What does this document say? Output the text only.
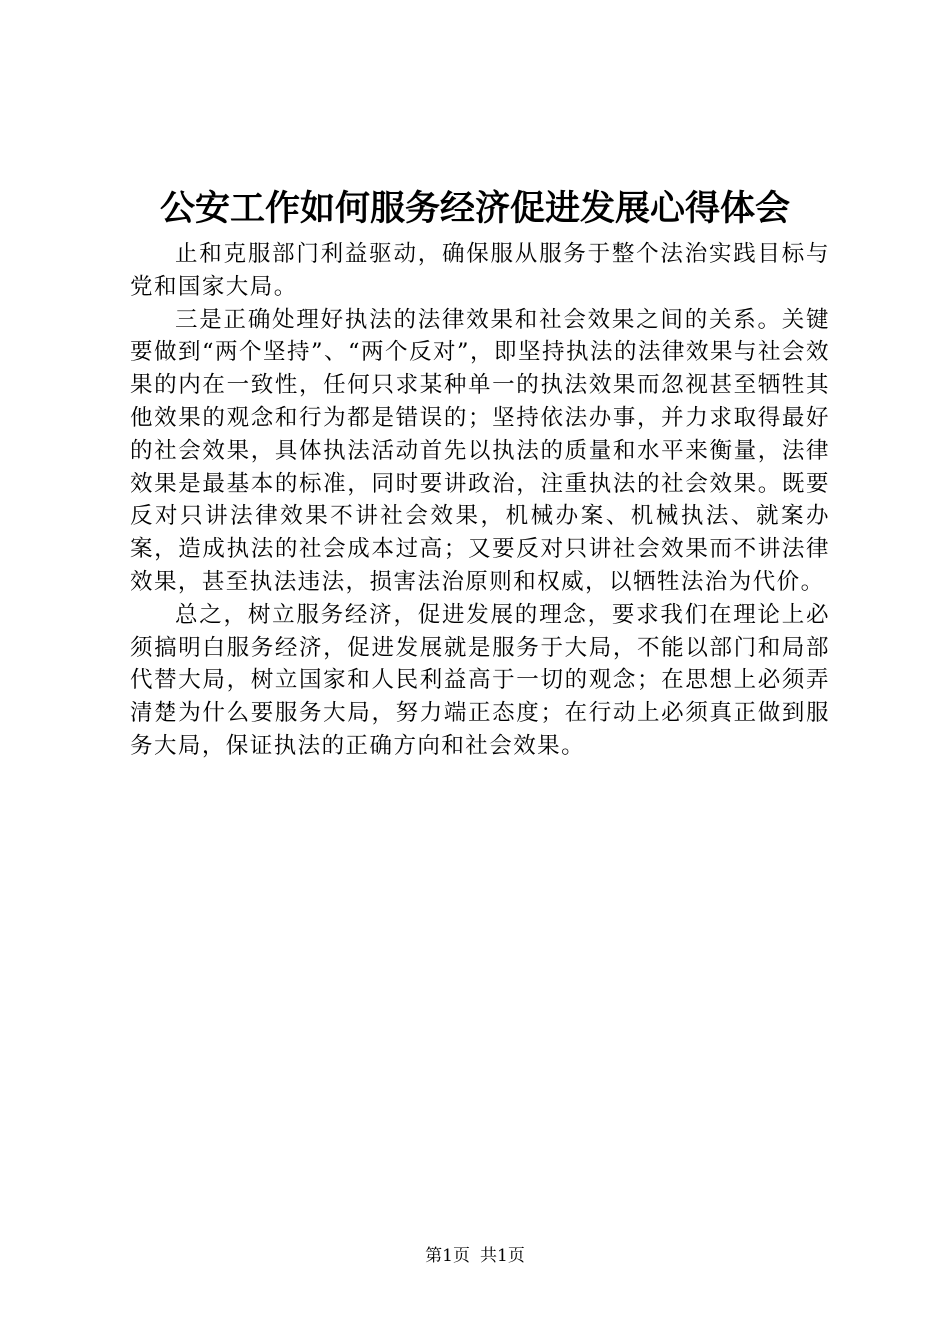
公安工作如何服务经济促进发展心得体会

止和克服部门利益驱动，确保服从服务于整个法治实践目标与党和国家大局。

三是正确处理好执法的法律效果和社会效果之间的关系。关键要做到“两个坚持”、“两个反对”，即坚持执法的法律效果与社会效果的内在一致性，任何只求某种单一的执法效果而忽视甚至牺牲其他效果的观念和行为都是错误的；坚持依法办事，并力求取得最好的社会效果，具体执法活动首先以执法的质量和水平来衡量，法律效果是最基本的标准，同时要讲政治，注重执法的社会效果。既要反对只讲法律效果不讲社会效果，机械办案、机械执法、就案办案，造成执法的社会成本过高；又要反对只讲社会效果而不讲法律效果，甚至执法违法，损害法治原则和权威，以牺牲法治为代价。

总之，树立服务经济，促进发展的理念，要求我们在理论上必须搞明白服务经济，促进发展就是服务于大局，不能以部门和局部代替大局，树立国家和人民利益高于一切的观念；在思想上必须弄清楚为什么要服务大局，努力端正态度；在行动上必须真正做到服务大局，保证执法的正确方向和社会效果。

第1页 共1页
